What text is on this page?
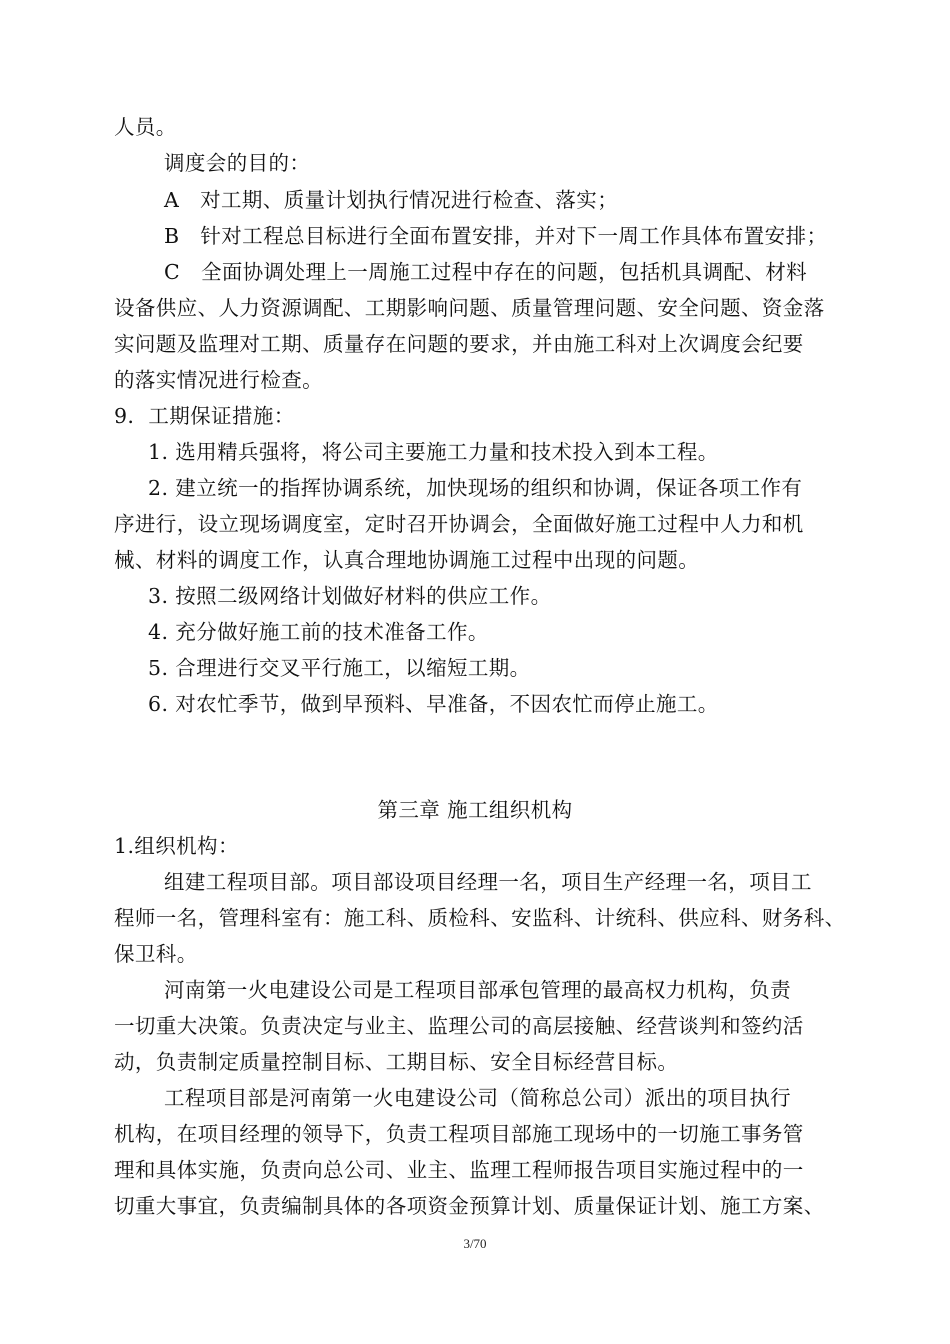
人员。
调度会的目的：
A　对工期、质量计划执行情况进行检查、落实；
B　针对工程总目标进行全面布置安排，并对下一周工作具体布置安排；
C　全面协调处理上一周施工过程中存在的问题，包括机具调配、材料
设备供应、人力资源调配、工期影响问题、质量管理问题、安全问题、资金落
实问题及监理对工期、质量存在问题的要求，并由施工科对上次调度会纪要
的落实情况进行检查。
9．工期保证措施：
1. 选用精兵强将，将公司主要施工力量和技术投入到本工程。
2. 建立统一的指挥协调系统，加快现场的组织和协调，保证各项工作有
序进行，设立现场调度室，定时召开协调会，全面做好施工过程中人力和机
械、材料的调度工作，认真合理地协调施工过程中出现的问题。
3. 按照二级网络计划做好材料的供应工作。
4. 充分做好施工前的技术准备工作。
5. 合理进行交叉平行施工，以缩短工期。
6. 对农忙季节，做到早预料、早准备，不因农忙而停止施工。
第三章 施工组织机构
1.组织机构：
组建工程项目部。项目部设项目经理一名，项目生产经理一名，项目工
程师一名，管理科室有：施工科、质检科、安监科、计统科、供应科、财务科、
保卫科。
河南第一火电建设公司是工程项目部承包管理的最高权力机构，负责
一切重大决策。负责决定与业主、监理公司的高层接触、经营谈判和签约活
动，负责制定质量控制目标、工期目标、安全目标经营目标。
工程项目部是河南第一火电建设公司（简称总公司）派出的项目执行
机构，在项目经理的领导下，负责工程项目部施工现场中的一切施工事务管
理和具体实施，负责向总公司、业主、监理工程师报告项目实施过程中的一
切重大事宜，负责编制具体的各项资金预算计划、质量保证计划、施工方案、
3/70
